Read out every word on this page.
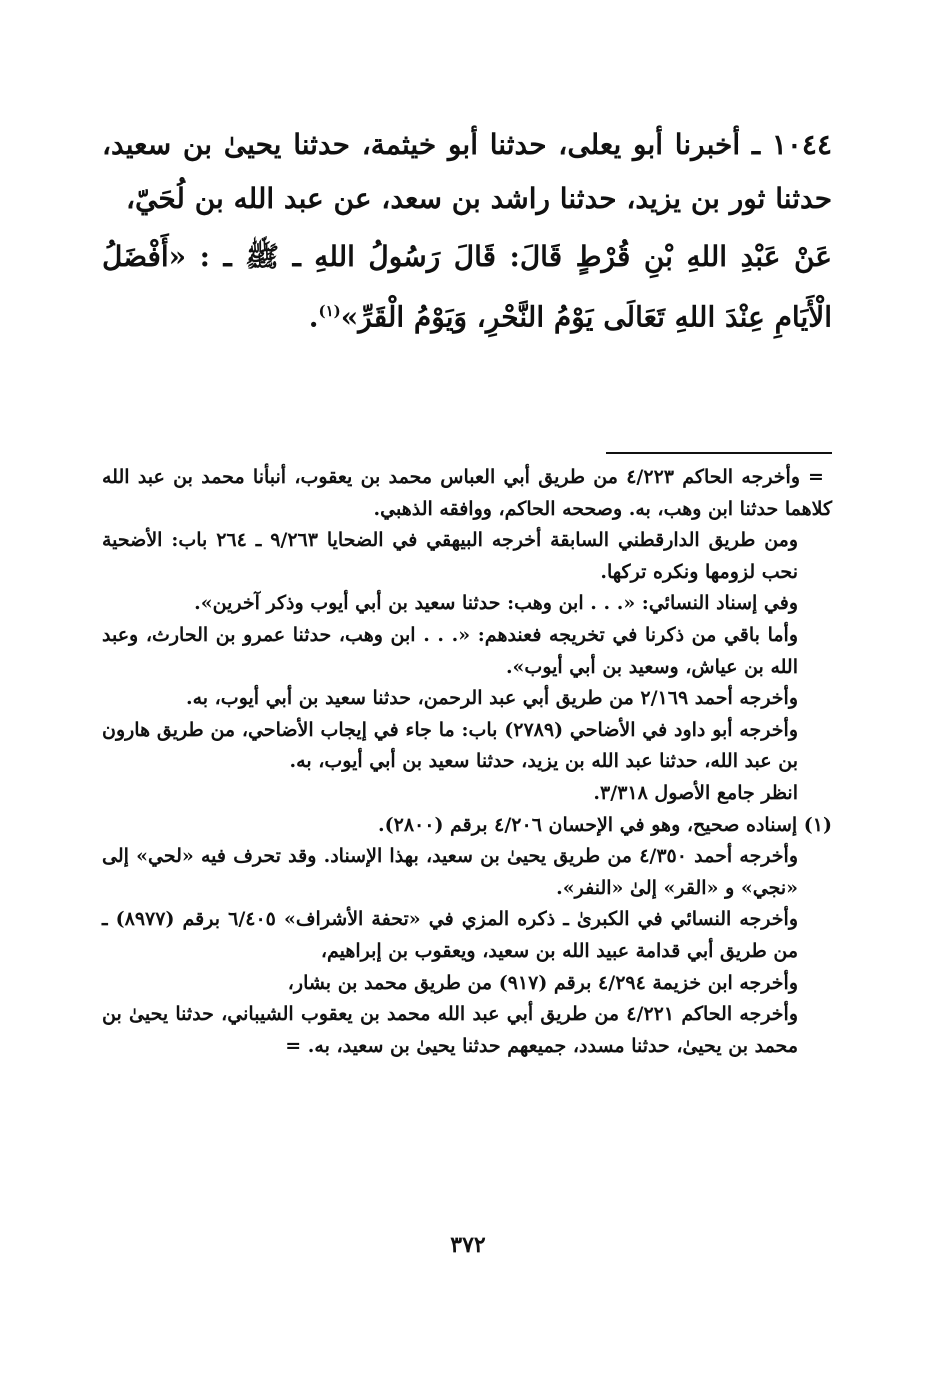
١٠٤٤ ـ أخبرنا أبو يعلى، حدثنا أبو خيثمة، حدثنا يحيىٰ بن سعيد، حدثنا ثور بن يزيد، حدثنا راشد بن سعد، عن عبد الله بن لُحَيّ،

عَنْ عَبْدِ اللهِ بْنِ قُرْطٍ قَالَ: قَالَ رَسُولُ اللهِ ـ ﷺ ـ : «أَفْضَلُ الْأَيَامِ عِنْدَ اللهِ تَعَالَى يَوْمُ النَّحْرِ، وَيَوْمُ الْقَرِّ»$^{(١)}$.

=وأخرجه الحاكم ٤/٢٢٣ من طريق أبي العباس محمد بن يعقوب، أنبأنا محمد بن عبد الله كلاهما حدثنا ابن وهب، به. وصححه الحاكم، ووافقه الذهبي.

ومن طريق الدارقطني السابقة أخرجه البيهقي في الضحايا ٩/٢٦٣ ـ ٢٦٤ باب: الأضحية نحب لزومها ونكره تركها.

وفي إسناد النسائي: «. . . ابن وهب: حدثنا سعيد بن أبي أيوب وذكر آخرين».

وأما باقي من ذكرنا في تخريجه فعندهم: «. . . ابن وهب، حدثنا عمرو بن الحارث، وعبد الله بن عياش، وسعيد بن أبي أيوب».

وأخرجه أحمد ٢/١٦٩ من طريق أبي عبد الرحمن، حدثنا سعيد بن أبي أيوب، به.

وأخرجه أبو داود في الأضاحي (٢٧٨٩) باب: ما جاء في إيجاب الأضاحي، من طريق هارون بن عبد الله، حدثنا عبد الله بن يزيد، حدثنا سعيد بن أبي أيوب، به.

انظر جامع الأصول ٣/٣١٨.

(١) إسناده صحيح، وهو في الإحسان ٤/٢٠٦ برقم (٢٨٠٠).

وأخرجه أحمد ٤/٣٥٠ من طريق يحيىٰ بن سعيد، بهذا الإسناد. وقد تحرف فيه «لحي» إلى «نجي» و «القر» إلىٰ «النفر».

وأخرجه النسائي في الكبرىٰ ـ ذكره المزي في «تحفة الأشراف» ٦/٤٠٥ برقم (٨٩٧٧) ـ من طريق أبي قدامة عبيد الله بن سعيد، ويعقوب بن إبراهيم،

وأخرجه ابن خزيمة ٤/٢٩٤ برقم (٩١٧) من طريق محمد بن بشار،

وأخرجه الحاكم ٤/٢٢١ من طريق أبي عبد الله محمد بن يعقوب الشيباني، حدثنا يحيىٰ بن محمد بن يحيىٰ، حدثنا مسدد، جميعهم حدثنا يحيىٰ بن سعيد، به. =

٣٧٢
